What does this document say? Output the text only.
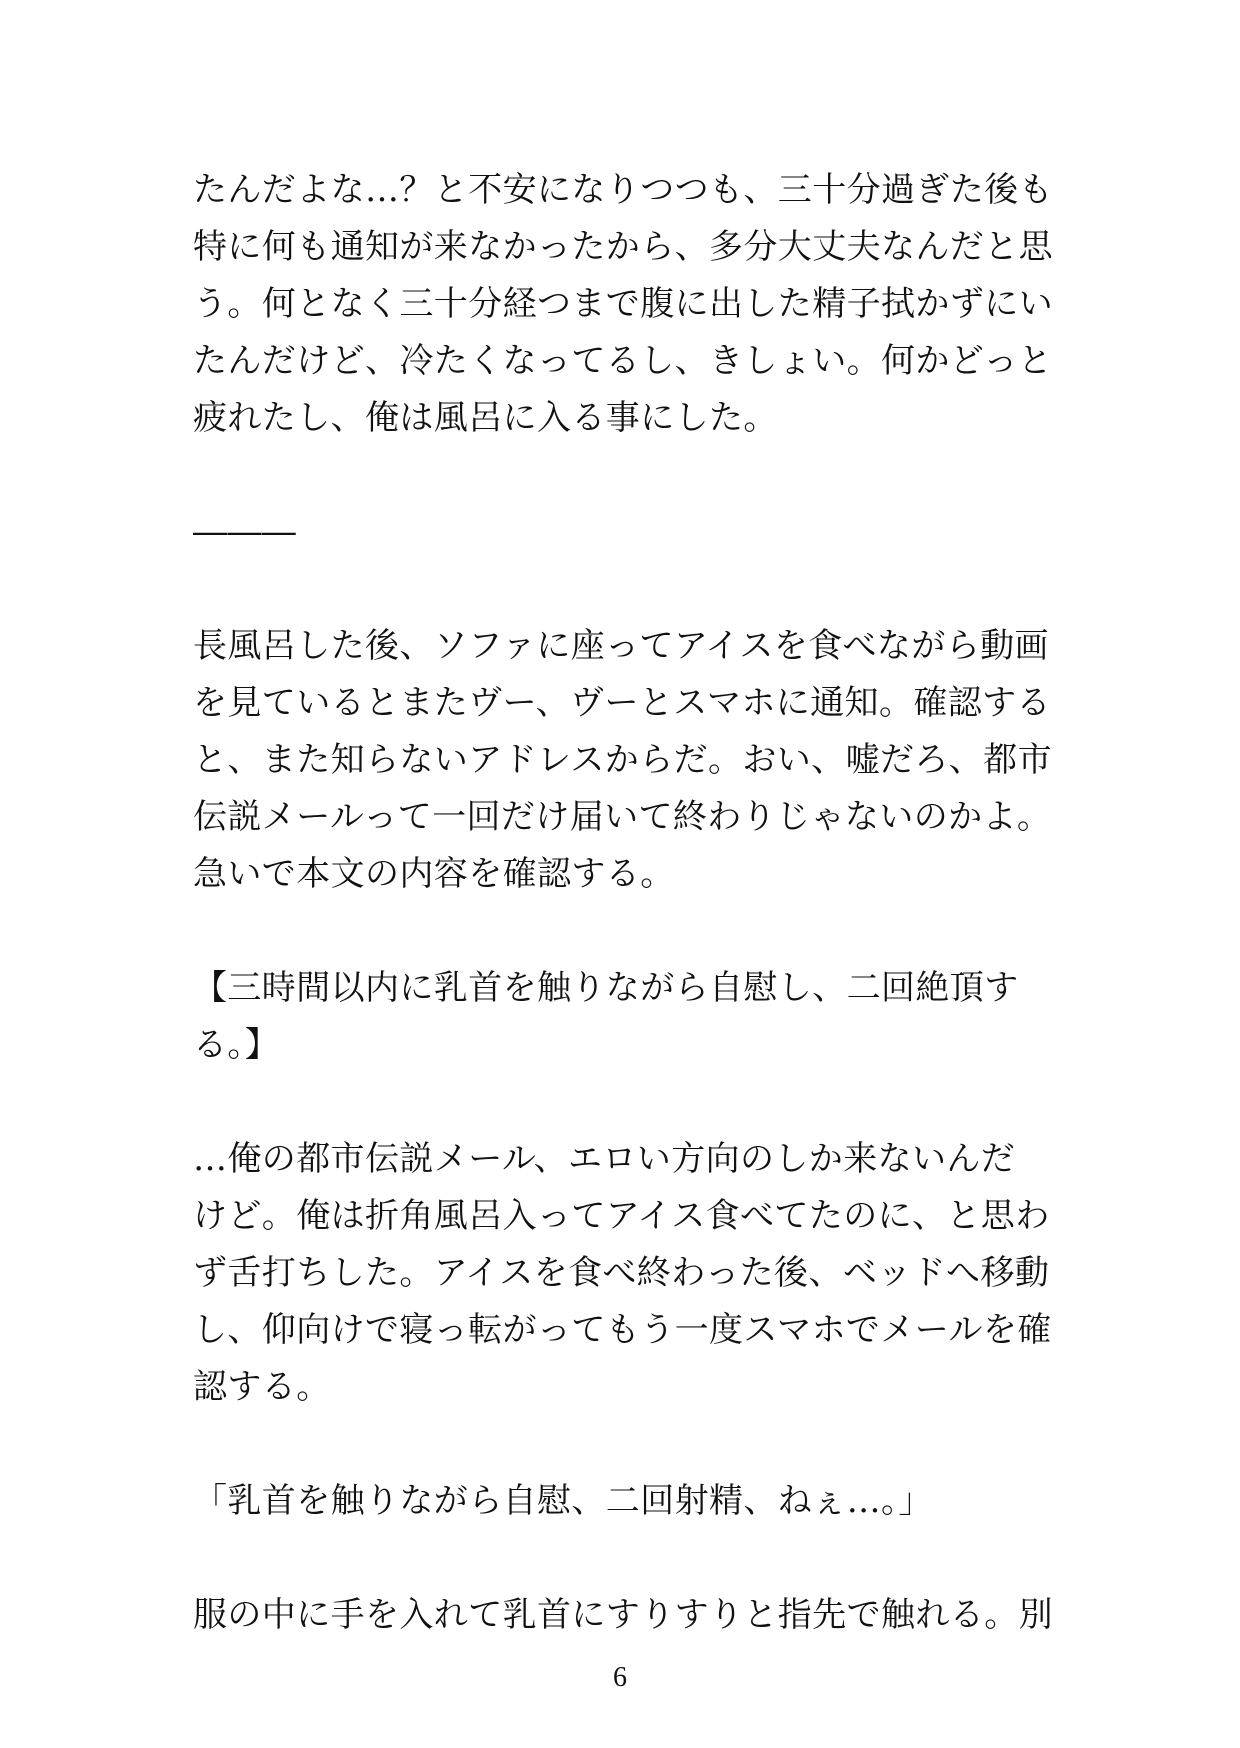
たんだよな…？と不安になりつつも、三十分過ぎた後も
特に何も通知が来なかったから、多分大丈夫なんだと思
う。何となく三十分経つまで腹に出した精子拭かずにい
たんだけど、冷たくなってるし、きしょい。何かどっと
疲れたし、俺は風呂に入る事にした。
―――
長風呂した後、ソファに座ってアイスを食べながら動画
を見ているとまたヴー、ヴーとスマホに通知。確認する
と、また知らないアドレスからだ。おい、嘘だろ、都市
伝説メールって一回だけ届いて終わりじゃないのかよ。
急いで本文の内容を確認する。
【三時間以内に乳首を触りながら自慰し、二回絶頂す
る。】
…俺の都市伝説メール、エロい方向のしか来ないんだ
けど。俺は折角風呂入ってアイス食べてたのに、と思わ
ず舌打ちした。アイスを食べ終わった後、ベッドへ移動
し、仰向けで寝っ転がってもう一度スマホでメールを確
認する。
「乳首を触りながら自慰、二回射精、ねぇ…。」
服の中に手を入れて乳首にすりすりと指先で触れる。別
6
